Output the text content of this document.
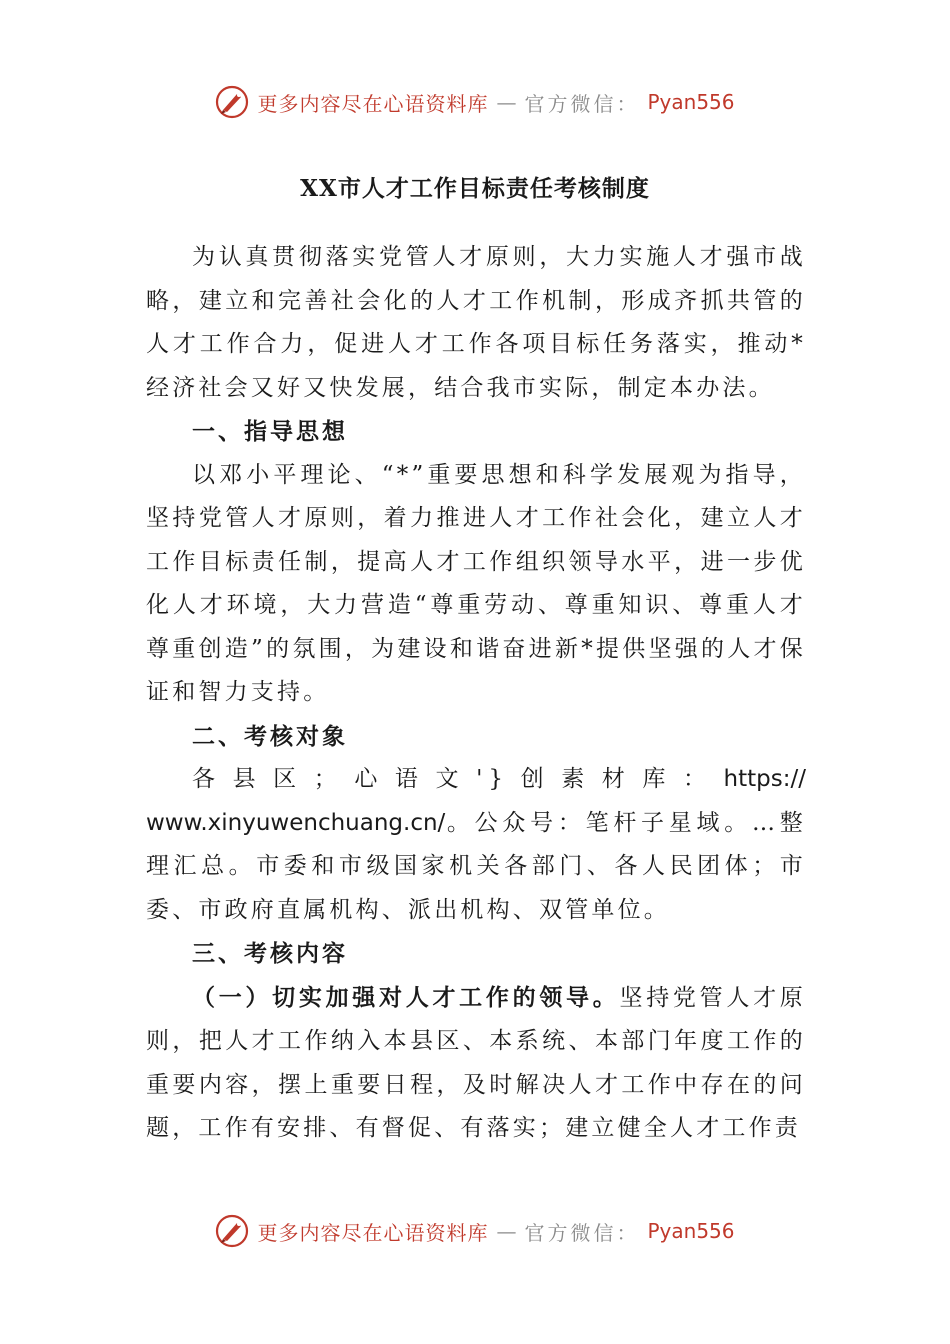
更多内容尽在心语资料库 — 官方微信： Pyan556
XX市人才工作目标责任考核制度

为认真贯彻落实党管人才原则，大力实施人才强市战略，建立和完善社会化的人才工作机制，形成齐抓共管的人才工作合力，促进人才工作各项目标任务落实，推动*经济社会又好又快发展，结合我市实际，制定本办法。

一、指导思想

以邓小平理论、“*”重要思想和科学发展观为指导，坚持党管人才原则，着力推进人才工作社会化，建立人才工作目标责任制，提高人才工作组织领导水平，进一步优化人才环境，大力营造“尊重劳动、尊重知识、尊重人才尊重创造”的氛围，为建设和谐奋进新*提供坚强的人才保证和智力支持。

二、考核对象
各县区；心语文'}创素材库：https://
www.xinyuwenchuang.cn/。公众号：笔杆子星域。…整理汇总。市委和市级国家机关各部门、各人民团体；市委、市政府直属机构、派出机构、双管单位。
三、考核内容

（一）切实加强对人才工作的领导。坚持党管人才原则，把人才工作纳入本县区、本系统、本部门年度工作的重要内容，摆上重要日程，及时解决人才工作中存在的问题，工作有安排、有督促、有落实；建立健全人才工作责

更多内容尽在心语资料库 — 官方微信： Pyan556
